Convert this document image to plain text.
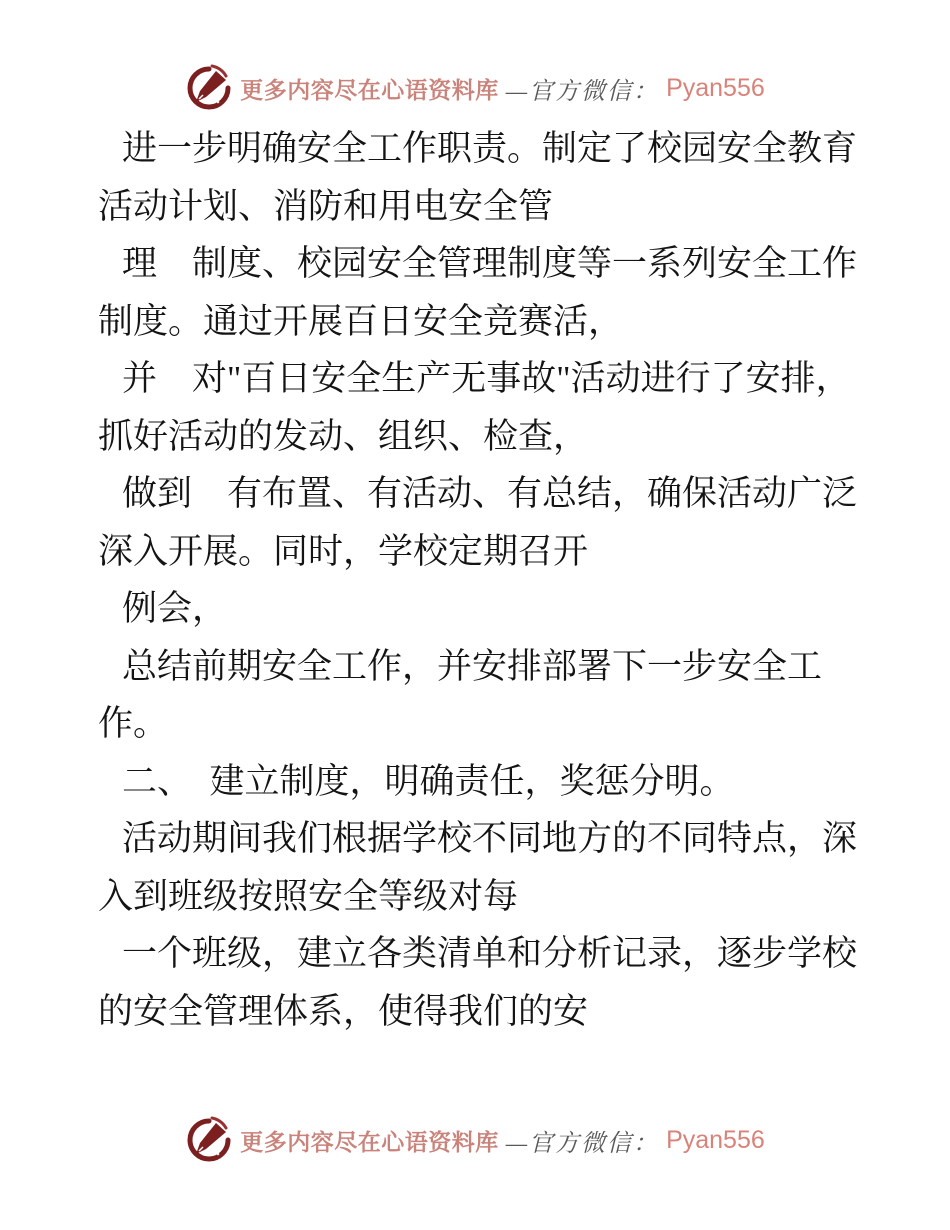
更多内容尽在心语资料库 —官方微信： Pyan556
进一步明确安全工作职责。制定了校园安全教育
活动计划、消防和用电安全管
理　制度、校园安全管理制度等一系列安全工作
制度。通过开展百日安全竞赛活，
并　对"百日安全生产无事故"活动进行了安排，
抓好活动的发动、组织、检查，
做到　有布置、有活动、有总结，确保活动广泛
深入开展。同时，学校定期召开
例会，
总结前期安全工作，并安排部署下一步安全工
作。
二、　建立制度，明确责任，奖惩分明。
活动期间我们根据学校不同地方的不同特点，深
入到班级按照安全等级对每
一个班级，建立各类清单和分析记录，逐步学校
的安全管理体系，使得我们的安
更多内容尽在心语资料库 —官方微信： Pyan556
